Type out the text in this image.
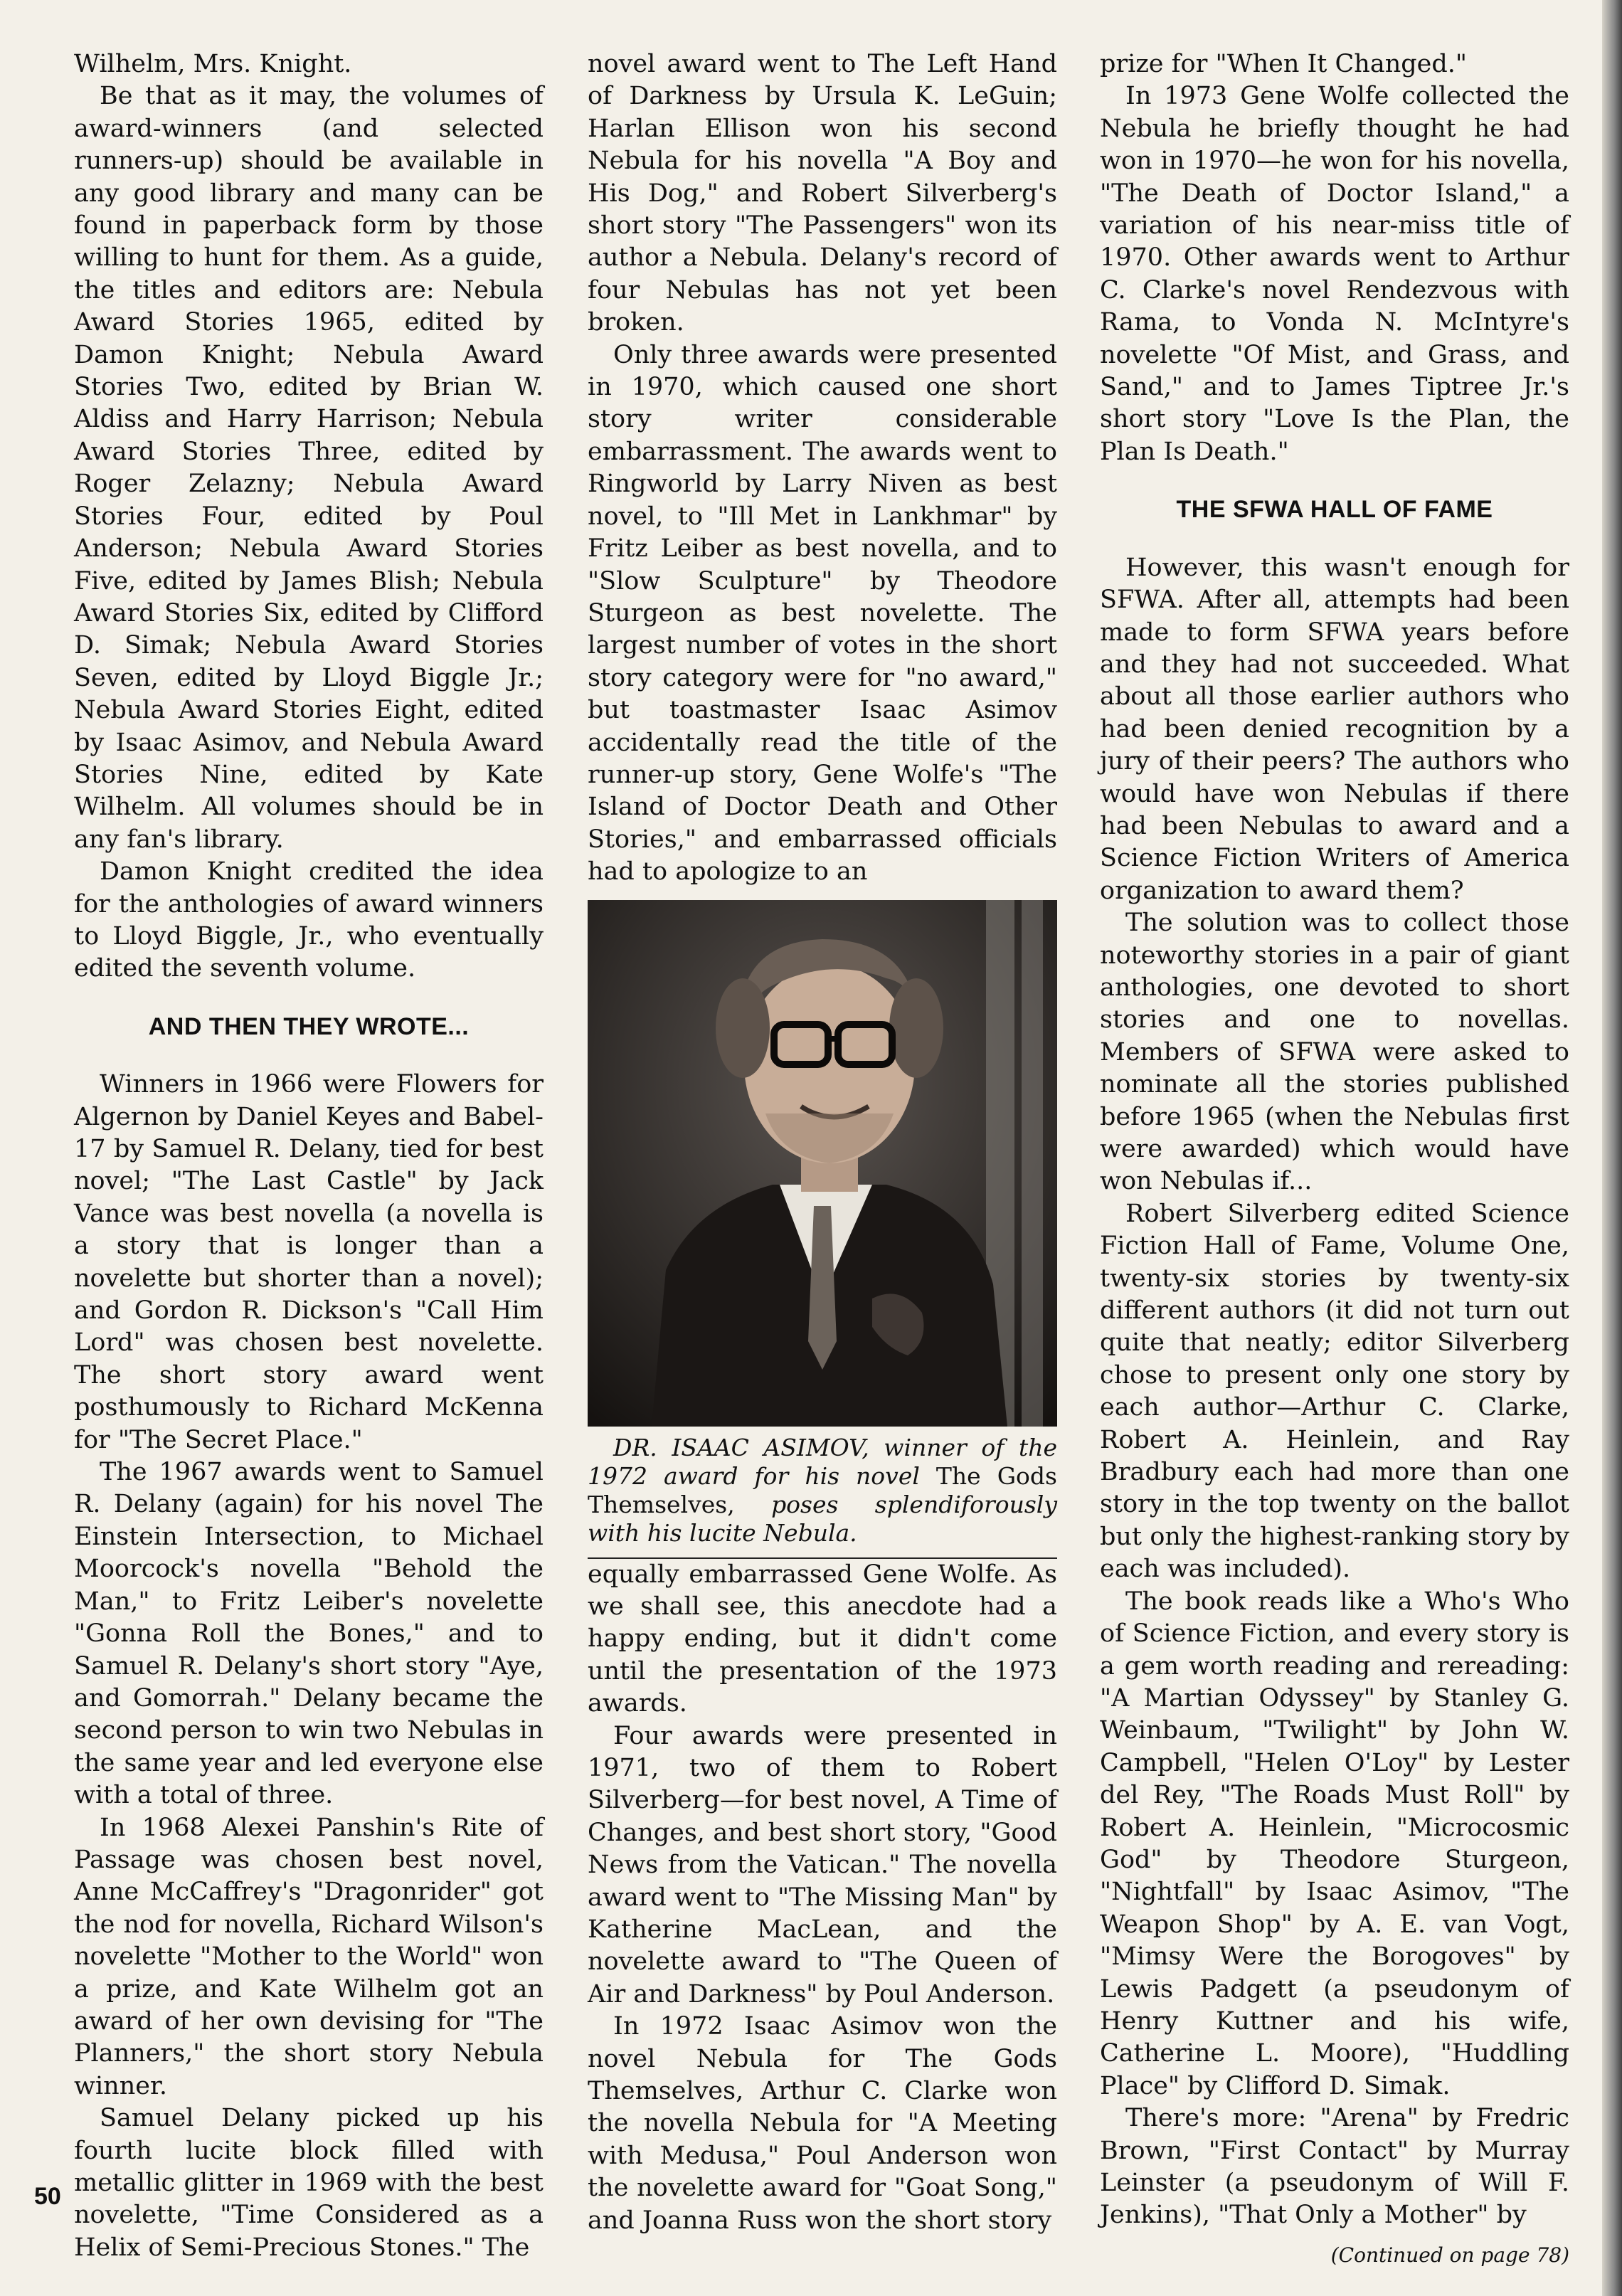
Wilhelm, Mrs. Knight.

Be that as it may, the volumes of award-winners (and selected runners-up) should be available in any good library and many can be found in paperback form by those willing to hunt for them. As a guide, the titles and editors are: Nebula Award Stories 1965, edited by Damon Knight; Nebula Award Stories Two, edited by Brian W. Aldiss and Harry Harrison; Nebula Award Stories Three, edited by Roger Zelazny; Nebula Award Stories Four, edited by Poul Anderson; Nebula Award Stories Five, edited by James Blish; Nebula Award Stories Six, edited by Clifford D. Simak; Nebula Award Stories Seven, edited by Lloyd Biggle Jr.; Nebula Award Stories Eight, edited by Isaac Asimov, and Nebula Award Stories Nine, edited by Kate Wilhelm. All volumes should be in any fan's library.

Damon Knight credited the idea for the anthologies of award winners to Lloyd Biggle, Jr., who eventually edited the seventh volume.

AND THEN THEY WROTE...

Winners in 1966 were Flowers for Algernon by Daniel Keyes and Babel-17 by Samuel R. Delany, tied for best novel; "The Last Castle" by Jack Vance was best novella (a novella is a story that is longer than a novelette but shorter than a novel); and Gordon R. Dickson's "Call Him Lord" was chosen best novelette. The short story award went posthumously to Richard McKenna for "The Secret Place."

The 1967 awards went to Samuel R. Delany (again) for his novel The Einstein Intersection, to Michael Moorcock's novella "Behold the Man," to Fritz Leiber's novelette "Gonna Roll the Bones," and to Samuel R. Delany's short story "Aye, and Gomorrah." Delany became the second person to win two Nebulas in the same year and led everyone else with a total of three.

In 1968 Alexei Panshin's Rite of Passage was chosen best novel, Anne McCaffrey's "Dragonrider" got the nod for novella, Richard Wilson's novelette "Mother to the World" won a prize, and Kate Wilhelm got an award of her own devising for "The Planners," the short story Nebula winner.

Samuel Delany picked up his fourth lucite block filled with metallic glitter in 1969 with the best novelette, "Time Considered as a Helix of Semi-Precious Stones." The

novel award went to The Left Hand of Darkness by Ursula K. LeGuin; Harlan Ellison won his second Nebula for his novella "A Boy and His Dog," and Robert Silverberg's short story "The Passengers" won its author a Nebula. Delany's record of four Nebulas has not yet been broken.

Only three awards were presented in 1970, which caused one short story writer considerable embarrassment. The awards went to Ringworld by Larry Niven as best novel, to "Ill Met in Lankhmar" by Fritz Leiber as best novella, and to "Slow Sculpture" by Theodore Sturgeon as best novelette. The largest number of votes in the short story category were for "no award," but toastmaster Isaac Asimov accidentally read the title of the runner-up story, Gene Wolfe's "The Island of Doctor Death and Other Stories," and embarrassed officials had to apologize to an

DR. ISAAC ASIMOV, winner of the 1972 award for his novel The Gods Themselves, poses splendiforously with his lucite Nebula.

equally embarrassed Gene Wolfe. As we shall see, this anecdote had a happy ending, but it didn't come until the presentation of the 1973 awards.

Four awards were presented in 1971, two of them to Robert Silverberg—for best novel, A Time of Changes, and best short story, "Good News from the Vatican." The novella award went to "The Missing Man" by Katherine MacLean, and the novelette award to "The Queen of Air and Darkness" by Poul Anderson.

In 1972 Isaac Asimov won the novel Nebula for The Gods Themselves, Arthur C. Clarke won the novella Nebula for "A Meeting with Medusa," Poul Anderson won the novelette award for "Goat Song," and Joanna Russ won the short story

prize for "When It Changed."

In 1973 Gene Wolfe collected the Nebula he briefly thought he had won in 1970—he won for his novella, "The Death of Doctor Island," a variation of his near-miss title of 1970. Other awards went to Arthur C. Clarke's novel Rendezvous with Rama, to Vonda N. McIntyre's novelette "Of Mist, and Grass, and Sand," and to James Tiptree Jr.'s short story "Love Is the Plan, the Plan Is Death."

THE SFWA HALL OF FAME

However, this wasn't enough for SFWA. After all, attempts had been made to form SFWA years before and they had not succeeded. What about all those earlier authors who had been denied recognition by a jury of their peers? The authors who would have won Nebulas if there had been Nebulas to award and a Science Fiction Writers of America organization to award them?

The solution was to collect those noteworthy stories in a pair of giant anthologies, one devoted to short stories and one to novellas. Members of SFWA were asked to nominate all the stories published before 1965 (when the Nebulas first were awarded) which would have won Nebulas if...

Robert Silverberg edited Science Fiction Hall of Fame, Volume One, twenty-six stories by twenty-six different authors (it did not turn out quite that neatly; editor Silverberg chose to present only one story by each author—Arthur C. Clarke, Robert A. Heinlein, and Ray Bradbury each had more than one story in the top twenty on the ballot but only the highest-ranking story by each was included).

The book reads like a Who's Who of Science Fiction, and every story is a gem worth reading and rereading: "A Martian Odyssey" by Stanley G. Weinbaum, "Twilight" by John W. Campbell, "Helen O'Loy" by Lester del Rey, "The Roads Must Roll" by Robert A. Heinlein, "Microcosmic God" by Theodore Sturgeon, "Nightfall" by Isaac Asimov, "The Weapon Shop" by A. E. van Vogt, "Mimsy Were the Borogoves" by Lewis Padgett (a pseudonym of Henry Kuttner and his wife, Catherine L. Moore), "Huddling Place" by Clifford D. Simak.

There's more: "Arena" by Fredric Brown, "First Contact" by Murray Leinster (a pseudonym of Will F. Jenkins), "That Only a Mother" by

(Continued on page 78)
50
